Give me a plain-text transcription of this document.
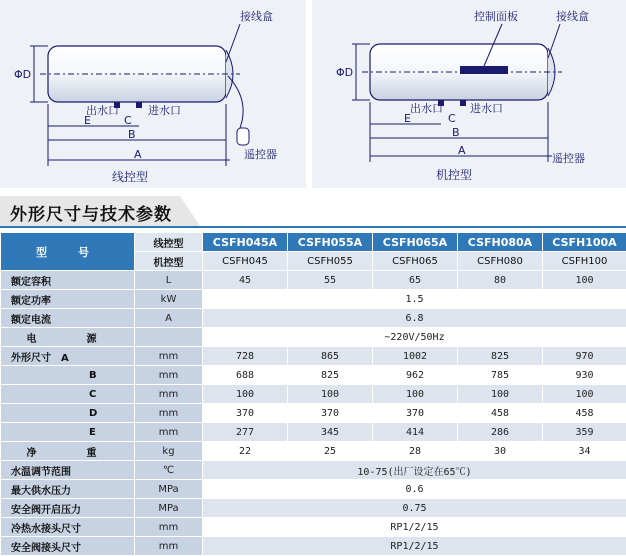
接线盒
ΦD
出水口	进水口
E	C
B
A	遥控器
线控型
控制面板	接线盒
ΦD
出水口 进水口
E	C
B
A
遥控器
机控型
外形尺寸与技术参数
型　号	线控型	CSFH045A	CSFH055A	CSFH065A	CSFH080A	CSFH100A
	机控型	CSFH045	CSFH055	CSFH065	CSFH080	CSFH100
额定容积	L	45	55	65	80	100
额定功率	kW	1.5				
额定电流	A	6.8				
电　源		~220V/50Hz				
外形尺寸　A	mm	728	865	1002	825	970
B	mm	688	825	962	785	930
C	mm	100	100	100	100	100
D	mm	370	370	370	458	458
E	mm	277	345	414	286	359
净　重	kg	22	25	28	30	34
水温调节范围	℃	10-75(出厂设定在65℃)				
最大供水压力	MPa	0.6				
安全阀开启压力	MPa	0.75				
冷热水接头尺寸	mm	RP1/2/15				
安全阀接头尺寸	mm	RP1/2/15				
